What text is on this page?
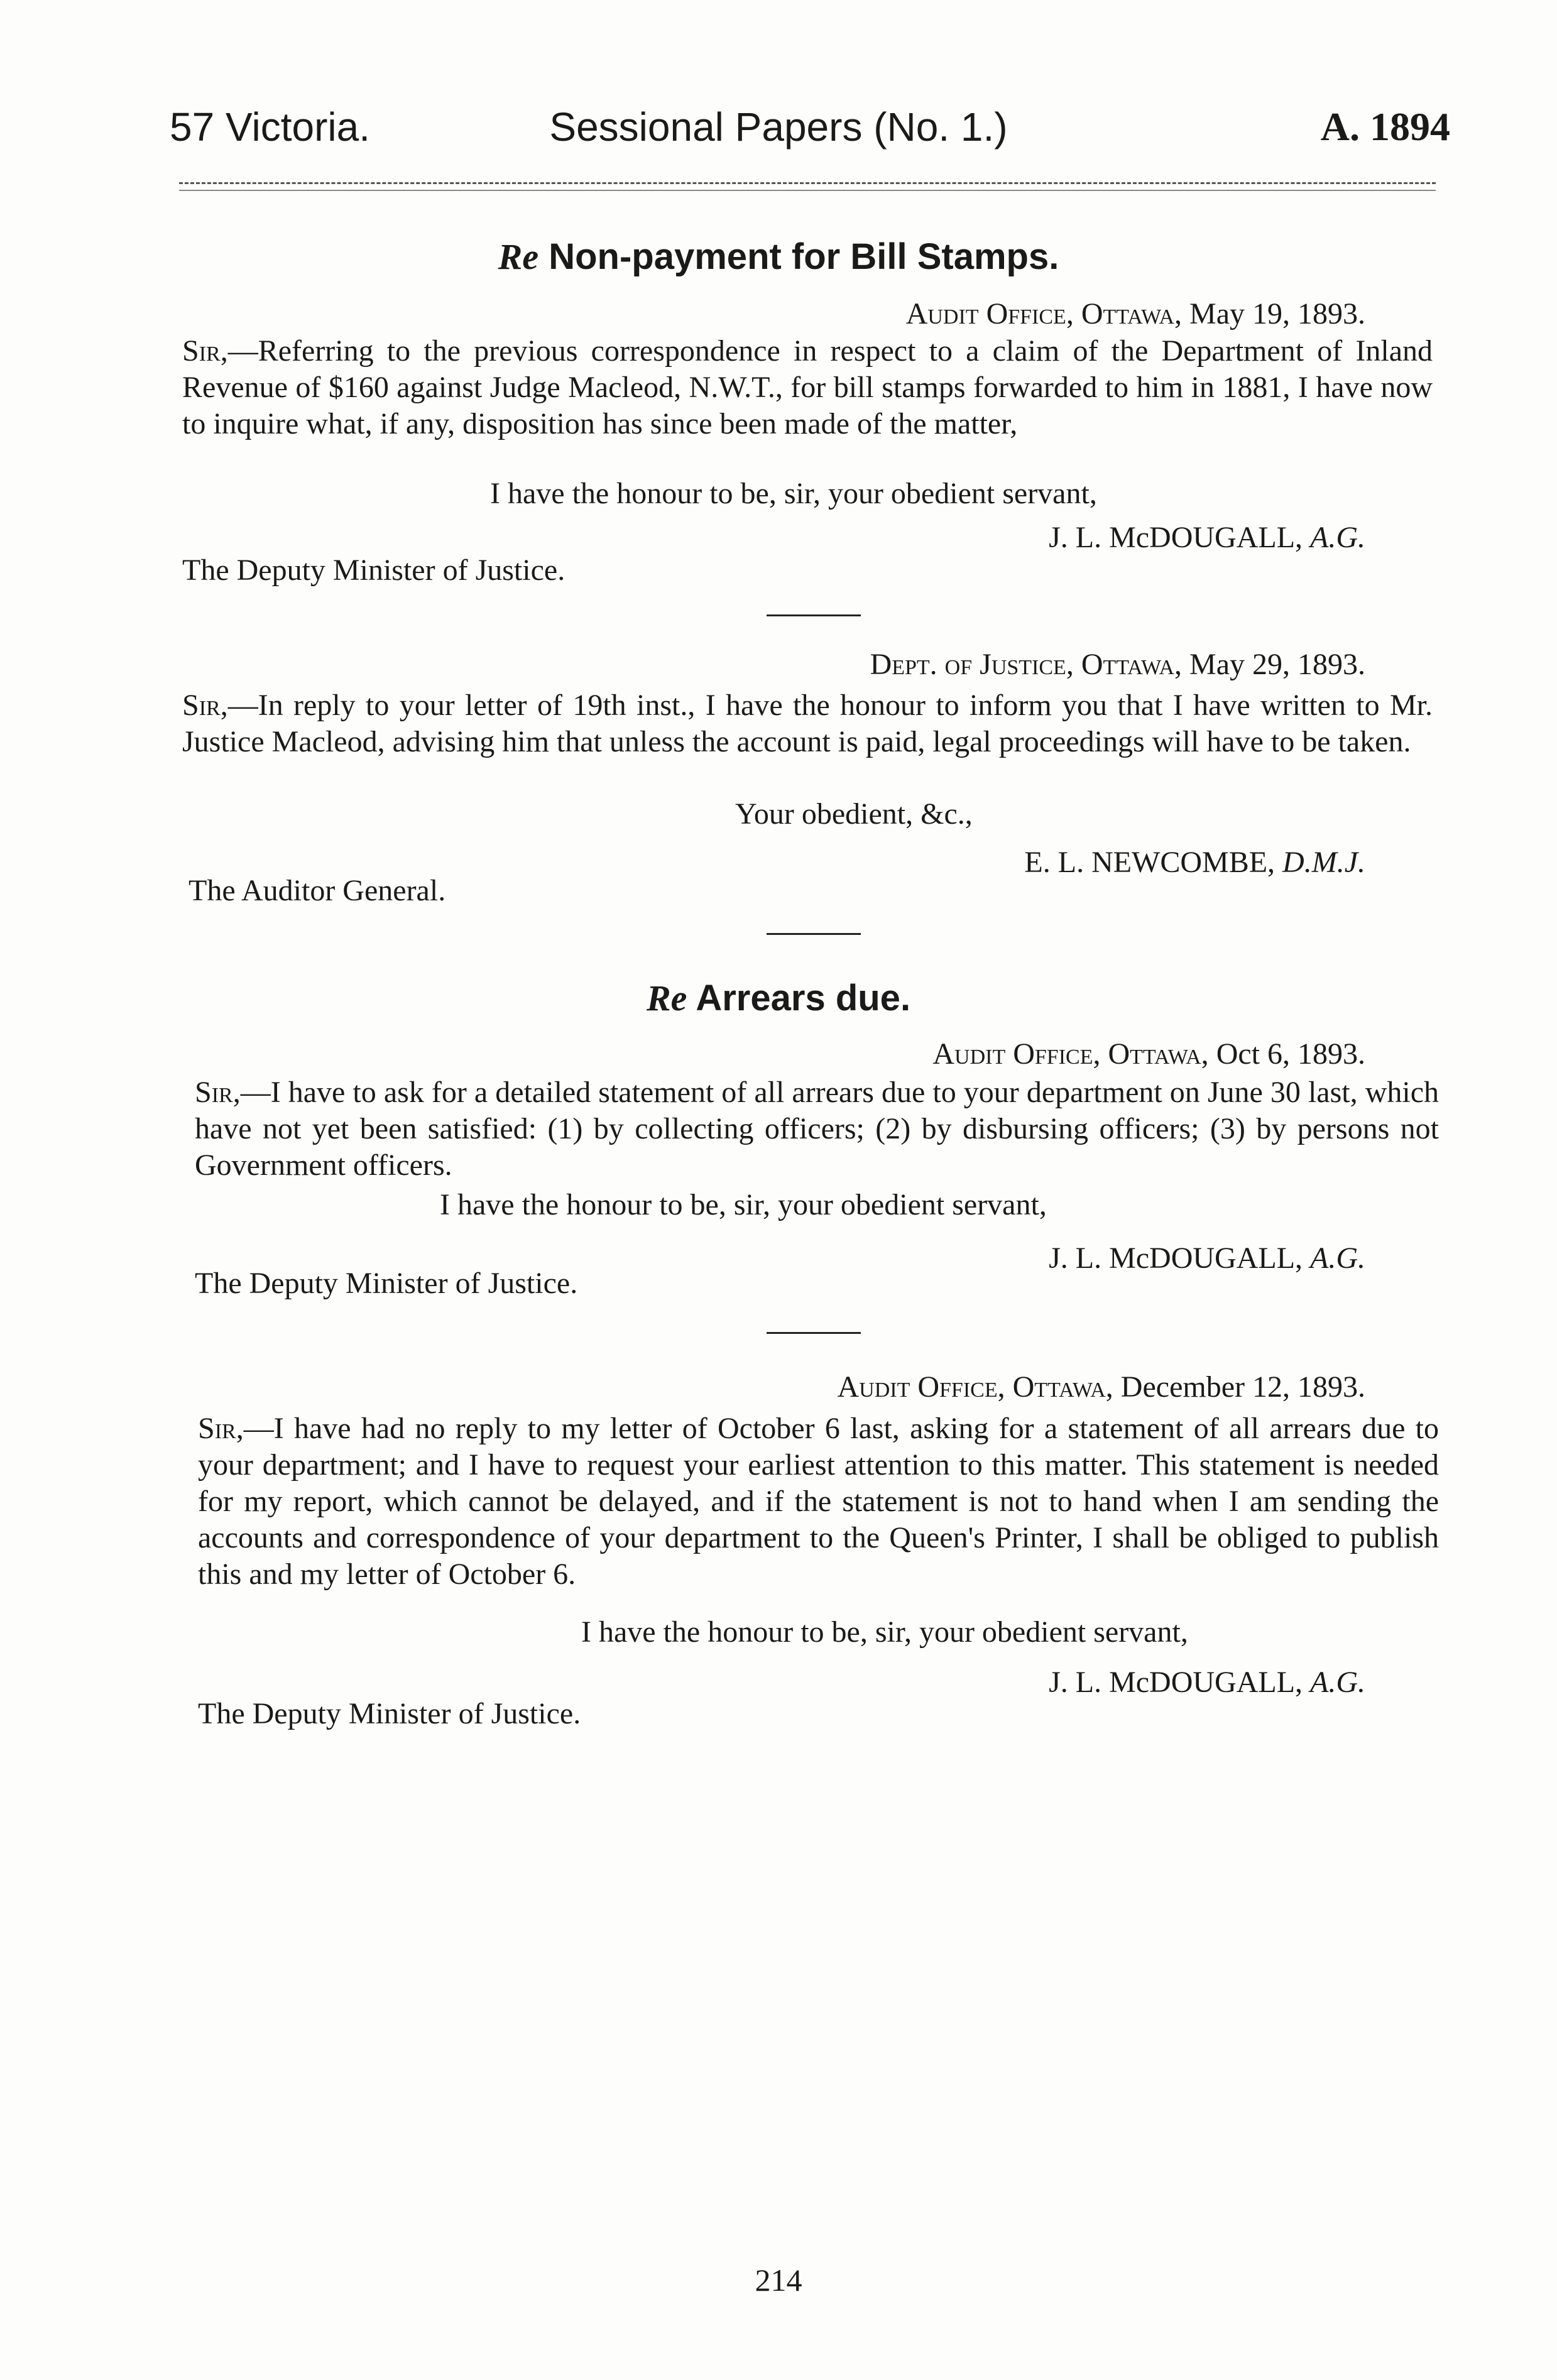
57 Victoria.	Sessional Papers (No. 1.)	A. 1894
Re Non-payment for Bill Stamps.
Audit Office, Ottawa, May 19, 1893.
Sir,—Referring to the previous correspondence in respect to a claim of the Department of Inland Revenue of $160 against Judge Macleod, N.W.T., for bill stamps forwarded to him in 1881, I have now to inquire what, if any, disposition has since been made of the matter,
I have the honour to be, sir, your obedient servant,
J. L. McDOUGALL, A.G.
The Deputy Minister of Justice.
Dept. of Justice, Ottawa, May 29, 1893.
Sir,—In reply to your letter of 19th inst., I have the honour to inform you that I have written to Mr. Justice Macleod, advising him that unless the account is paid, legal proceedings will have to be taken.
Your obedient, &c.,
E. L. NEWCOMBE, D.M.J.
The Auditor General.
Re Arrears due.
Audit Office, Ottawa, Oct 6, 1893.
Sir,—I have to ask for a detailed statement of all arrears due to your department on June 30 last, which have not yet been satisfied: (1) by collecting officers; (2) by disbursing officers; (3) by persons not Government officers.
I have the honour to be, sir, your obedient servant,
J. L. McDOUGALL, A.G.
The Deputy Minister of Justice.
Audit Office, Ottawa, December 12, 1893.
Sir,—I have had no reply to my letter of October 6 last, asking for a statement of all arrears due to your department; and I have to request your earliest attention to this matter. This statement is needed for my report, which cannot be delayed, and if the statement is not to hand when I am sending the accounts and correspondence of your department to the Queen's Printer, I shall be obliged to publish this and my letter of October 6.
I have the honour to be, sir, your obedient servant,
J. L. McDOUGALL, A.G.
The Deputy Minister of Justice.
214
